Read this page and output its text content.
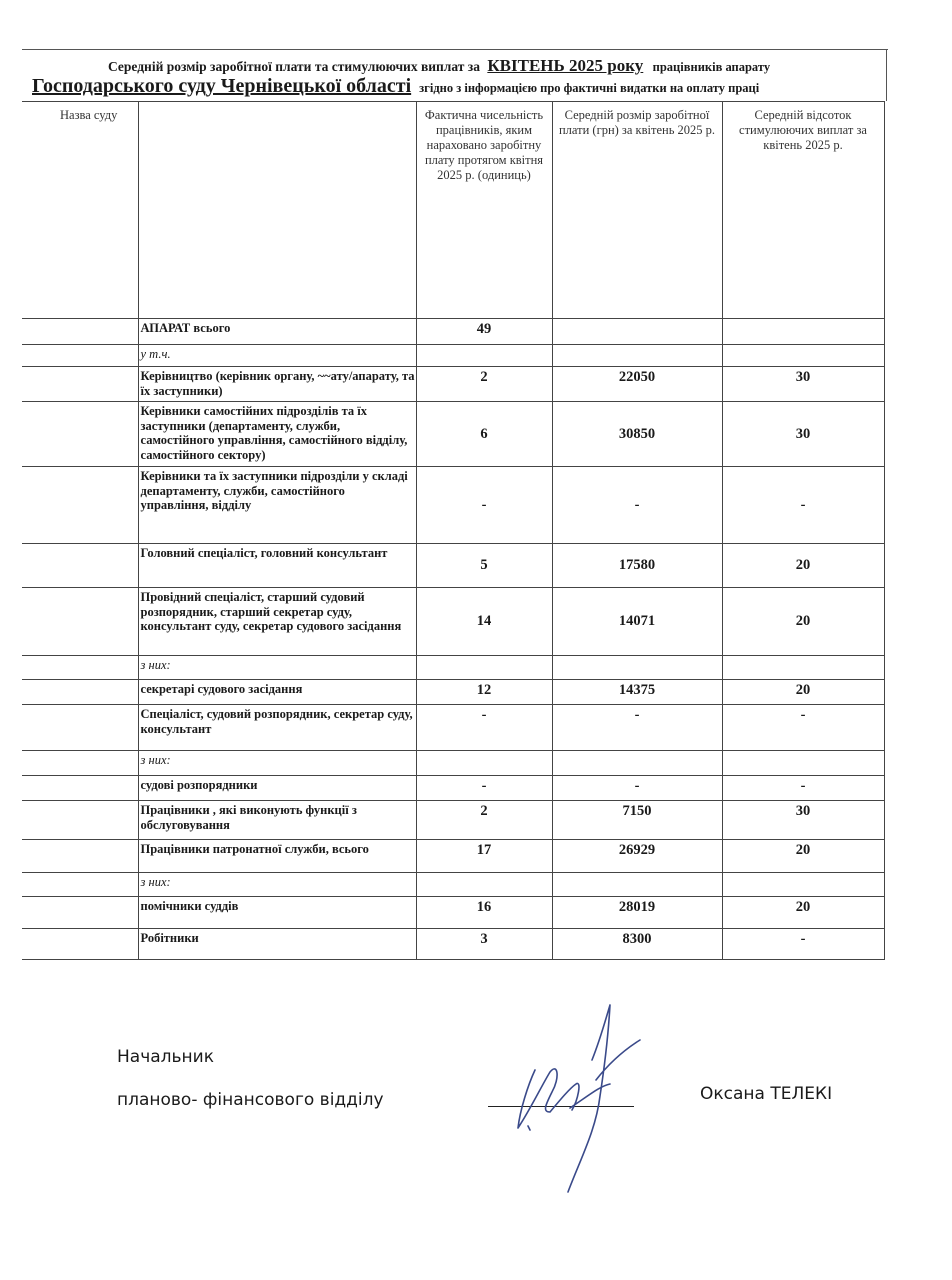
Середній розмір заробітної плати та стимулюючих виплат за КВІТЕНЬ 2025 року працівників апарату
Господарського суду Чернівецької області згідно з інформацією про фактичні видатки на оплату праці
Назва суду		Фактична чисельність працівників, яким нараховано заробітну плату протягом квітня 2025 р. (одиниць)	Середній розмір заробітної плати (грн) за квітень 2025 р.	Середній відсоток стимулюючих виплат за квітень 2025 р.
	АПАРАТ всього	49		
	у т.ч.			
	Керівництво (керівник органу, ~~ату/апарату, та їх заступники)	2	22050	30
	Керівники самостійних підрозділів та їх заступники (департаменту, служби, самостійного управління, самостійного відділу, самостійного сектору)	6	30850	30
	Керівники та їх заступники підрозділи у складі департаменту, служби, самостійного управління, відділу	-	-	-
	Головний спеціаліст, головний консультант	5	17580	20
	Провідний спеціаліст, старший судовий розпорядник, старший секретар суду, консультант суду, секретар судового засідання	14	14071	20
	з них:			
	секретарі судового засідання	12	14375	20
	Спеціаліст, судовий розпорядник, секретар суду, консультант	-	-	-
	з них:			
	судові розпорядники	-	-	-
	Працівники , які виконують функції з обслуговування	2	7150	30
	Працівники патронатної служби, всього	17	26929	20
	з них:			
	помічники суддів	16	28019	20
	Робітники	3	8300	-
Начальник
планово- фінансового відділу	Оксана ТЕЛЕКІ
